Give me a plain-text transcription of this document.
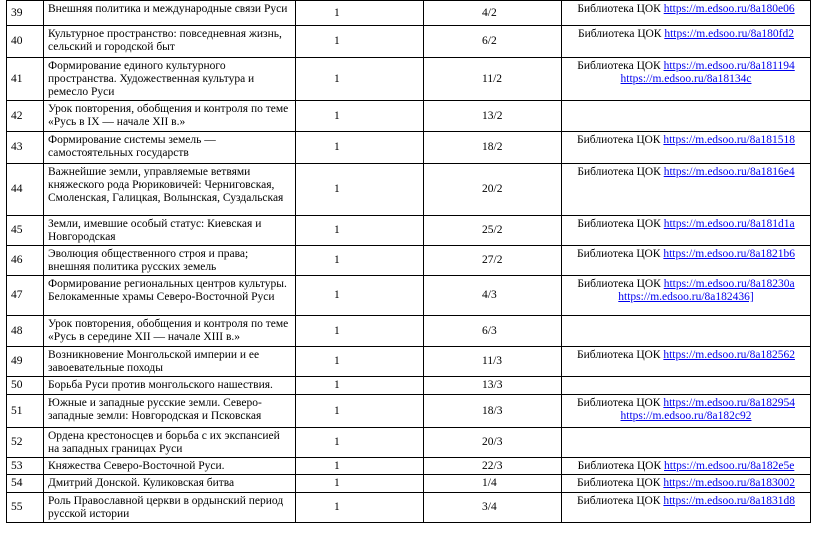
39	Внешняя политика и международные связи Руси	1	4/2	Библиотека ЦОК https://m.edsoo.ru/8a180e06

40	Культурное пространство: повседневная жизнь, сельский и городской быт	1	6/2	Библиотека ЦОК https://m.edsoo.ru/8a180fd2

41	Формирование единого культурного пространства. Художественная культура и ремесло Руси	1	11/2	Библиотека ЦОК https://m.edsoo.ru/8a181194
https://m.edsoo.ru/8a18134c

42	Урок повторения, обобщения и контроля по теме «Русь в IX — начале XII в.»	1	13/2	
43	Формирование системы земель — самостоятельных государств	1	18/2	Библиотека ЦОК https://m.edsoo.ru/8a181518

44	Важнейшие земли, управляемые ветвями княжеского рода Рюриковичей: Черниговская, Смоленская, Галицкая, Волынская, Суздальская	1	20/2	Библиотека ЦОК https://m.edsoo.ru/8a1816e4

45	Земли, имевшие особый статус: Киевская и Новгородская	1	25/2	Библиотека ЦОК https://m.edsoo.ru/8a181d1a

46	Эволюция общественного строя и права; внешняя политика русских земель	1	27/2	Библиотека ЦОК https://m.edsoo.ru/8a1821b6

47	Формирование региональных центров культуры. Белокаменные храмы Северо-Восточной Руси	1	4/3	Библиотека ЦОК https://m.edsoo.ru/8a18230a
https://m.edsoo.ru/8a182436]

48	Урок повторения, обобщения и контроля по теме «Русь в середине XII — начале XIII в.»	1	6/3	
49	Возникновение Монгольской империи и ее завоевательные походы	1	11/3	Библиотека ЦОК https://m.edsoo.ru/8a182562

50	Борьба Руси против монгольского нашествия.	1	13/3	
51	Южные и западные русские земли. Северо-западные земли: Новгородская и Псковская	1	18/3	Библиотека ЦОК https://m.edsoo.ru/8a182954
https://m.edsoo.ru/8a182c92

52	Ордена крестоносцев и борьба с их экспансией на западных границах Руси	1	20/3	
53	Княжества Северо-Восточной Руси.	1	22/3	Библиотека ЦОК https://m.edsoo.ru/8a182e5e

54	Дмитрий Донской. Куликовская битва	1	1/4	Библиотека ЦОК https://m.edsoo.ru/8a183002

55	Роль Православной церкви в ордынский период русской истории	1	3/4	Библиотека ЦОК https://m.edsoo.ru/8a1831d8
